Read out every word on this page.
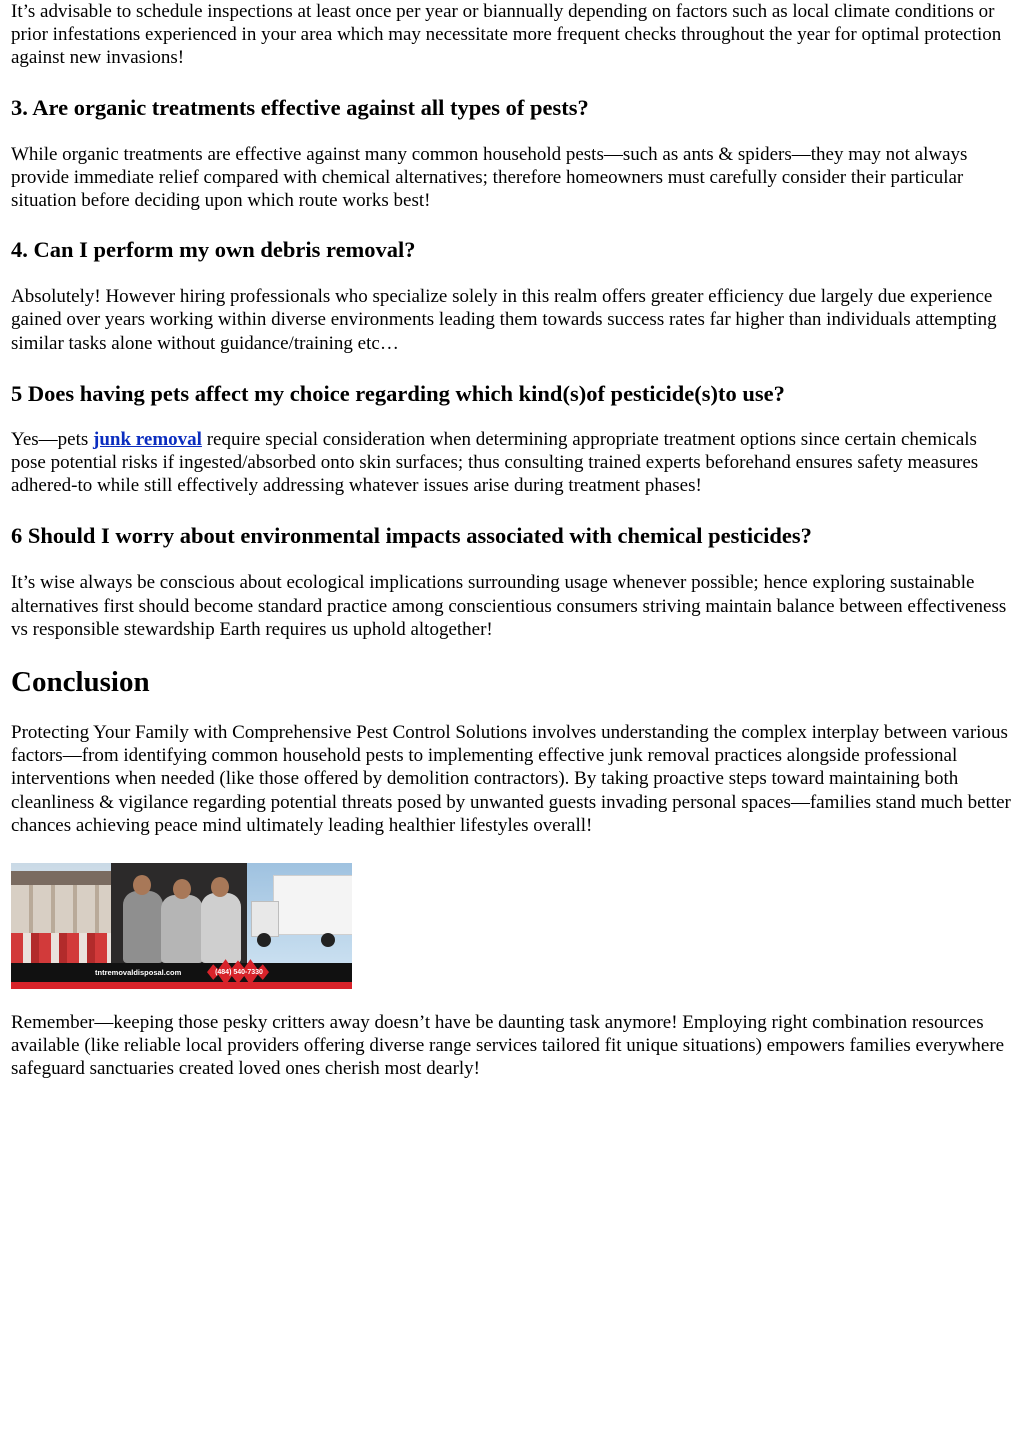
It’s advisable to schedule inspections at least once per year or biannually depending on factors such as local climate conditions or prior infestations experienced in your area which may necessitate more frequent checks throughout the year for optimal protection against new invasions!

3. Are organic treatments effective against all types of pests?

While organic treatments are effective against many common household pests—such as ants & spiders—they may not always provide immediate relief compared with chemical alternatives; therefore homeowners must carefully consider their particular situation before deciding upon which route works best!

4. Can I perform my own debris removal?

Absolutely! However hiring professionals who specialize solely in this realm offers greater efficiency due largely due experience gained over years working within diverse environments leading them towards success rates far higher than individuals attempting similar tasks alone without guidance/training etc…

5 Does having pets affect my choice regarding which kind(s)of pesticide(s)to use?

Yes—pets junk removal require special consideration when determining appropriate treatment options since certain chemicals pose potential risks if ingested/absorbed onto skin surfaces; thus consulting trained experts beforehand ensures safety measures adhered-to while still effectively addressing whatever issues arise during treatment phases!

6 Should I worry about environmental impacts associated with chemical pesticides?

It’s wise always be conscious about ecological implications surrounding usage whenever possible; hence exploring sustainable alternatives first should become standard practice among conscientious consumers striving maintain balance between effectiveness vs responsible stewardship Earth requires us uphold altogether!

Conclusion

Protecting Your Family with Comprehensive Pest Control Solutions involves understanding the complex interplay between various factors—from identifying common household pests to implementing effective junk removal practices alongside professional interventions when needed (like those offered by demolition contractors). By taking proactive steps toward maintaining both cleanliness & vigilance regarding potential threats posed by unwanted guests invading personal spaces—families stand much better chances achieving peace mind ultimately leading healthier lifestyles overall!

tntremovaldisposal.com	(484) 540-7330

Remember—keeping those pesky critters away doesn’t have be daunting task anymore! Employing right combination resources available (like reliable local providers offering diverse range services tailored fit unique situations) empowers families everywhere safeguard sanctuaries created loved ones cherish most dearly!
